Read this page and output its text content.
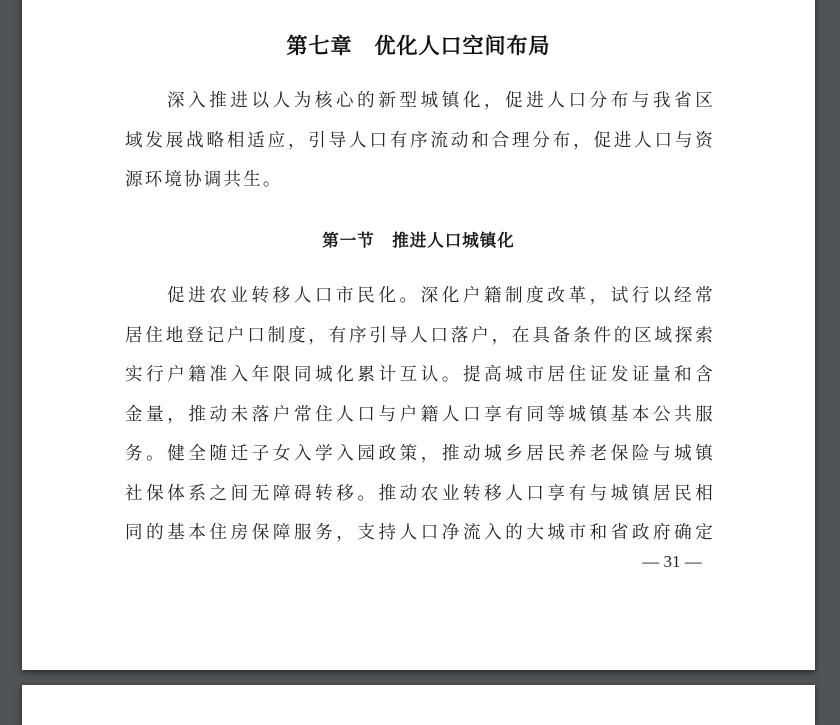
第七章　优化人口空间布局
深入推进以人为核心的新型城镇化，促进人口分布与我省区
域发展战略相适应，引导人口有序流动和合理分布，促进人口与资
源环境协调共生。
第一节　推进人口城镇化
促进农业转移人口市民化。深化户籍制度改革，试行以经常
居住地登记户口制度，有序引导人口落户，在具备条件的区域探索
实行户籍准入年限同城化累计互认。提高城市居住证发证量和含
金量，推动未落户常住人口与户籍人口享有同等城镇基本公共服
务。健全随迁子女入学入园政策，推动城乡居民养老保险与城镇
社保体系之间无障碍转移。推动农业转移人口享有与城镇居民相
同的基本住房保障服务，支持人口净流入的大城市和省政府确定
— 31 —
